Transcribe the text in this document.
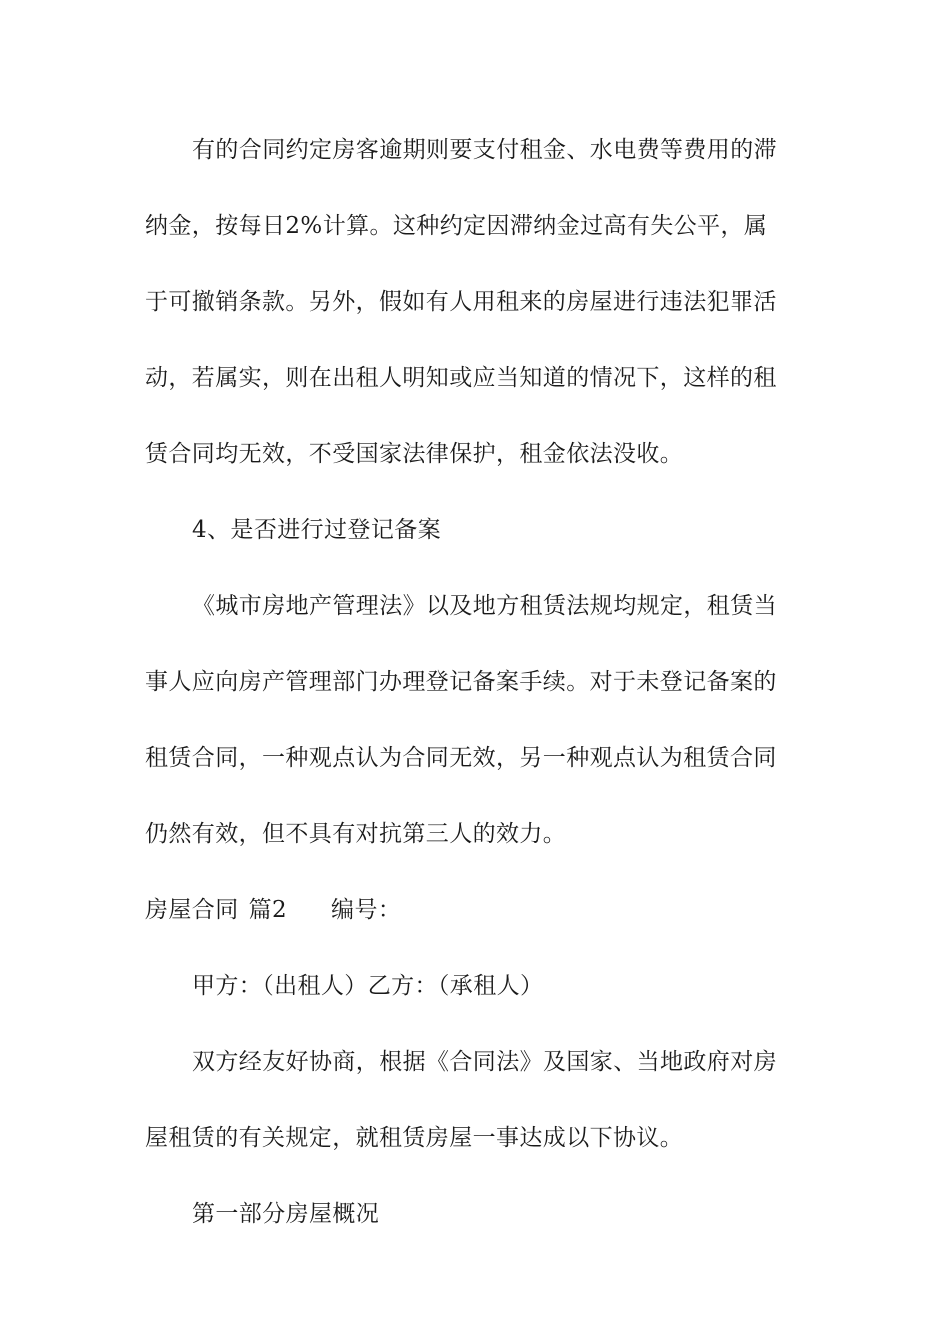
有的合同约定房客逾期则要支付租金、水电费等费用的滞
纳金，按每日2%计算。这种约定因滞纳金过高有失公平，属
于可撤销条款。另外，假如有人用租来的房屋进行违法犯罪活
动，若属实，则在出租人明知或应当知道的情况下，这样的租
赁合同均无效，不受国家法律保护，租金依法没收。
4、是否进行过登记备案
《城市房地产管理法》以及地方租赁法规均规定，租赁当
事人应向房产管理部门办理登记备案手续。对于未登记备案的
租赁合同，一种观点认为合同无效，另一种观点认为租赁合同
仍然有效，但不具有对抗第三人的效力。
房屋合同 篇2 编号：
甲方：（出租人）乙方：（承租人）
双方经友好协商，根据《合同法》及国家、当地政府对房
屋租赁的有关规定，就租赁房屋一事达成以下协议。
第一部分房屋概况
